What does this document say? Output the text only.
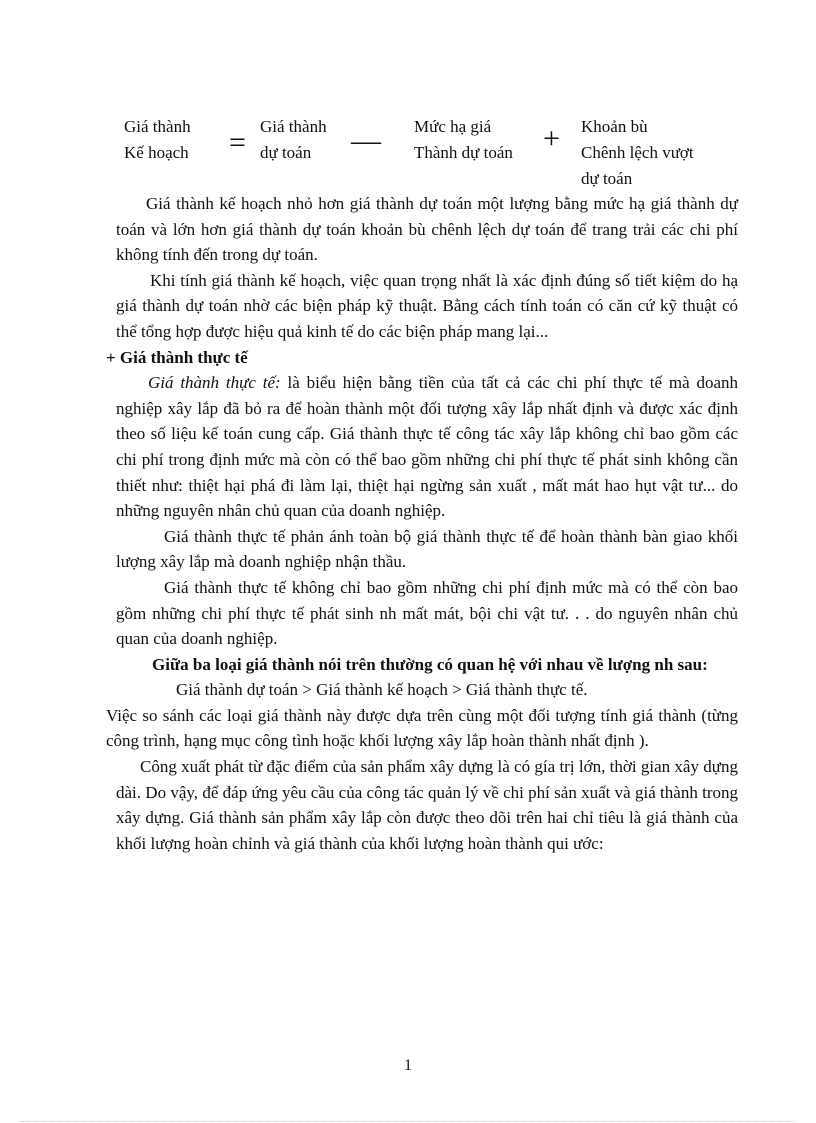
Giá thành
Kế hoạch = Giá thành
dự toán	— Mức hạ giá
Thành dự toán + Khoản bù
Chênh lệch vượt
dự toán

Giá thành kế hoạch nhỏ hơn giá thành dự toán một lượng bằng mức hạ giá thành dự toán và lớn hơn giá thành dự toán khoản bù chênh lệch dự toán để trang trải các chi phí không tính đến trong dự toán.

Khi tính giá thành kế hoạch, việc quan trọng nhất là xác định đúng số tiết kiệm do hạ giá thành dự toán nhờ các biện pháp kỹ thuật. Bằng cách tính toán có căn cứ kỹ thuật có thể tổng hợp được hiệu quả kinh tế do các biện pháp mang lại...

+ Giá thành thực tế

Giá thành thực tế: là biểu hiện bằng tiền của tất cả các chi phí thực tế mà doanh nghiệp xây lắp đã bỏ ra để hoàn thành một đối tượng xây lắp nhất định và được xác định theo số liệu kế toán cung cấp. Giá thành thực tế công tác xây lắp không chỉ bao gồm các chi phí trong định mức mà còn có thể bao gồm những chi phí thực tế phát sinh không cần thiết như: thiệt hại phá đi làm lại, thiệt hại ngừng sản xuất , mất mát hao hụt vật tư... do những nguyên nhân chủ quan của doanh nghiệp.

Giá thành thực tế phản ánh toàn bộ giá thành thực tế để hoàn thành bàn giao khối lượng xây lắp mà doanh nghiệp nhận thầu.

Giá thành thực tế không chỉ bao gồm những chi phí định mức mà có thể còn bao gồm những chi phí thực tế phát sinh nh mất mát, bội chi vật tư. . . do nguyên nhân chủ quan của doanh nghiệp.

Giữa ba loại giá thành nói trên thường có quan hệ với nhau về lượng nh sau:

Giá thành dự toán > Giá thành kế hoạch > Giá thành thực tế.

Việc so sánh các loại giá thành này được dựa trên cùng một đối tượng tính giá thành (từng công trình, hạng mục công tình hoặc khối lượng xây lắp hoàn thành nhất định ).

Công xuất phát từ đặc điểm của sản phẩm xây dựng là có gía trị lớn, thời gian xây dựng dài. Do vậy, để đáp ứng yêu cầu của công tác quản lý về chi phí sản xuất và giá thành trong xây dựng. Giá thành sản phẩm xây lắp còn được theo dõi trên hai chỉ tiêu là giá thành của khối lượng hoàn chỉnh và giá thành của khối lượng hoàn thành qui ước:

1
